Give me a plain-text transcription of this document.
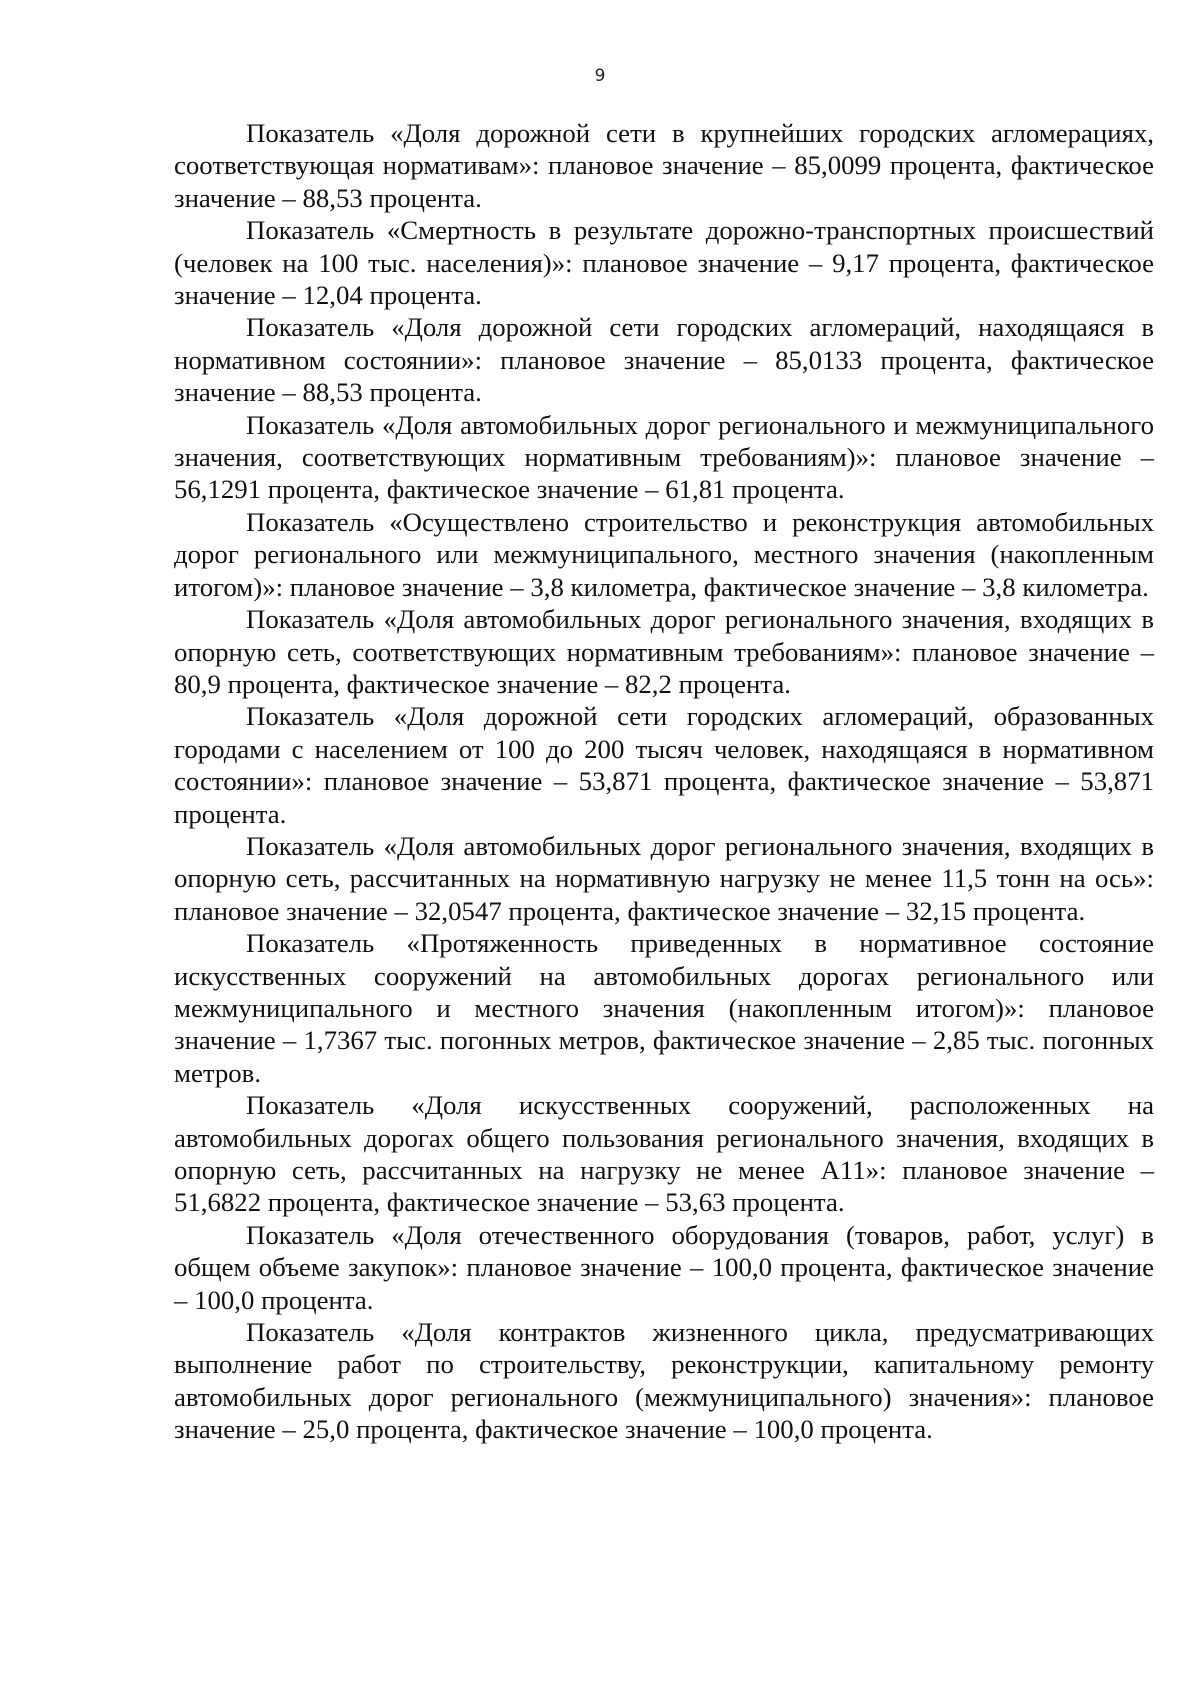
9

Показатель «Доля дорожной сети в крупнейших городских агломерациях, соответствующая нормативам»: плановое значение – 85,0099 процента, фактическое значение – 88,53 процента.

Показатель «Смертность в результате дорожно-транспортных происшествий (человек на 100 тыс. населения)»: плановое значение – 9,17 процента, фактическое значение – 12,04 процента.

Показатель «Доля дорожной сети городских агломераций, находящаяся в нормативном состоянии»: плановое значение – 85,0133 процента, фактическое значение – 88,53 процента.

Показатель «Доля автомобильных дорог регионального и межмуниципального значения, соответствующих нормативным требованиям)»: плановое значение – 56,1291 процента, фактическое значение – 61,81 процента.

Показатель «Осуществлено строительство и реконструкция автомобильных дорог регионального или межмуниципального, местного значения (накопленным итогом)»: плановое значение – 3,8 километра, фактическое значение – 3,8 километра.

Показатель «Доля автомобильных дорог регионального значения, входящих в опорную сеть, соответствующих нормативным требованиям»: плановое значение – 80,9 процента, фактическое значение – 82,2 процента.

Показатель «Доля дорожной сети городских агломераций, образованных городами с населением от 100 до 200 тысяч человек, находящаяся в нормативном состоянии»: плановое значение – 53,871 процента, фактическое значение – 53,871 процента.

Показатель «Доля автомобильных дорог регионального значения, входящих в опорную сеть, рассчитанных на нормативную нагрузку не менее 11,5 тонн на ось»: плановое значение – 32,0547 процента, фактическое значение – 32,15 процента.

Показатель «Протяженность приведенных в нормативное состояние искусственных сооружений на автомобильных дорогах регионального или межмуниципального и местного значения (накопленным итогом)»: плановое значение – 1,7367 тыс. погонных метров, фактическое значение – 2,85 тыс. погонных метров.

Показатель «Доля искусственных сооружений, расположенных на автомобильных дорогах общего пользования регионального значения, входящих в опорную сеть, рассчитанных на нагрузку не менее А11»: плановое значение – 51,6822 процента, фактическое значение – 53,63 процента.

Показатель «Доля отечественного оборудования (товаров, работ, услуг) в общем объеме закупок»: плановое значение – 100,0 процента, фактическое значение – 100,0 процента.

Показатель «Доля контрактов жизненного цикла, предусматривающих выполнение работ по строительству, реконструкции, капитальному ремонту автомобильных дорог регионального (межмуниципального) значения»: плановое значение – 25,0 процента, фактическое значение – 100,0 процента.
